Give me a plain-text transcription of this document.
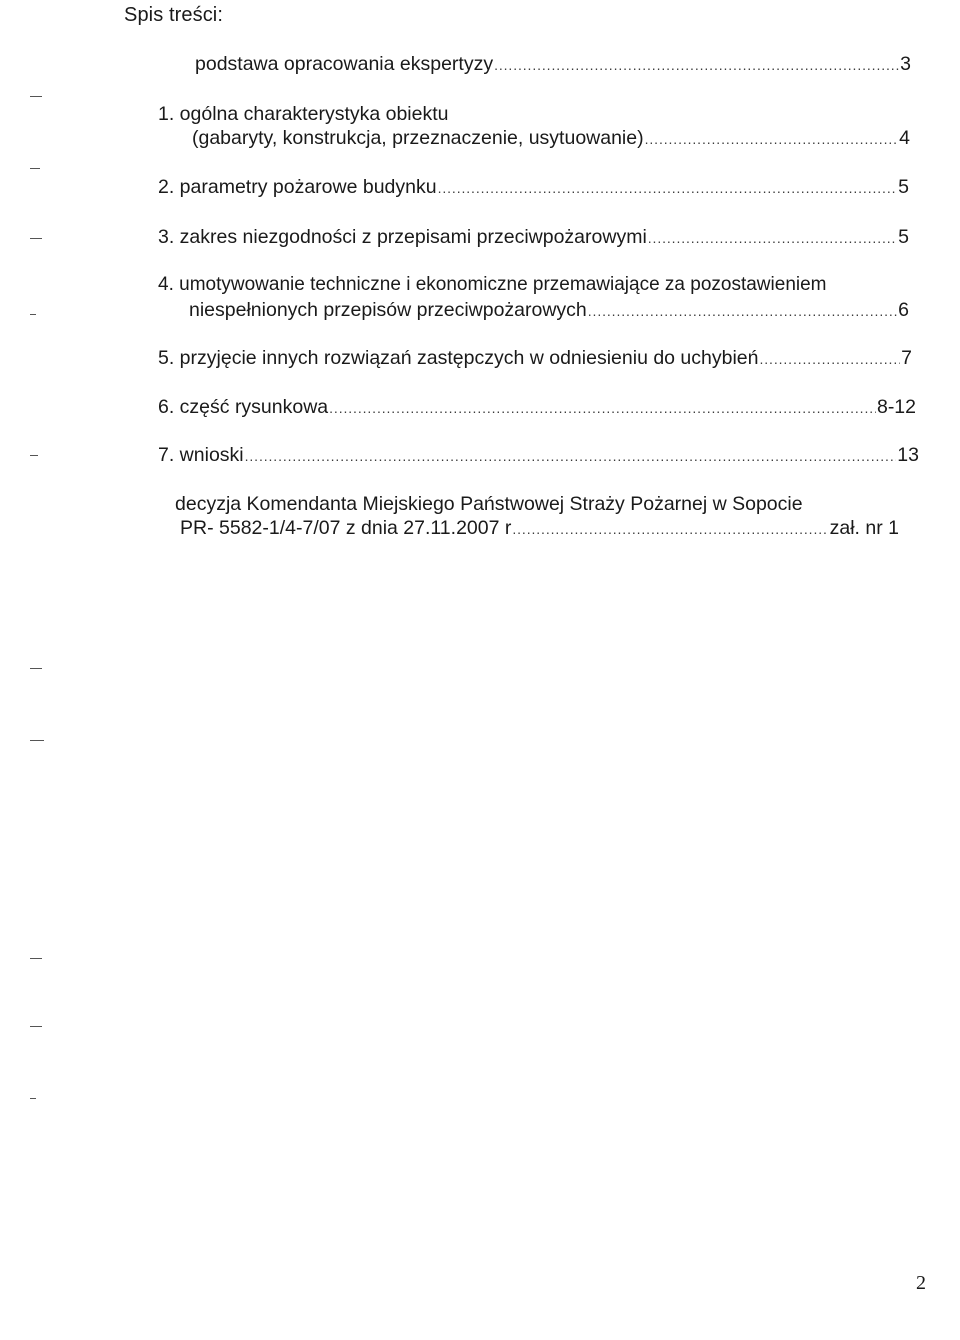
Spis treści:
podstawa opracowania ekspertyzy . . .	3
1. ogólna charakterystyka obiektu
(gabaryty, konstrukcja, przeznaczenie, usytuowanie) . . .	4
2. parametry pożarowe budynku . . .	5
3. zakres niezgodności z przepisami przeciwpożarowymi . . .	5
4. umotywowanie techniczne i ekonomiczne przemawiające za pozostawieniem
niespełnionych przepisów przeciwpożarowych . . .	6
5. przyjęcie innych rozwiązań zastępczych w odniesieniu do uchybień . . .	7
6. część rysunkowa . . .	8-12
7. wnioski . . .	13
decyzja Komendanta Miejskiego Państwowej Straży Pożarnej w Sopocie
PR- 5582-1/4-7/07 z dnia 27.11.2007 r . . .	zał. nr 1
2
